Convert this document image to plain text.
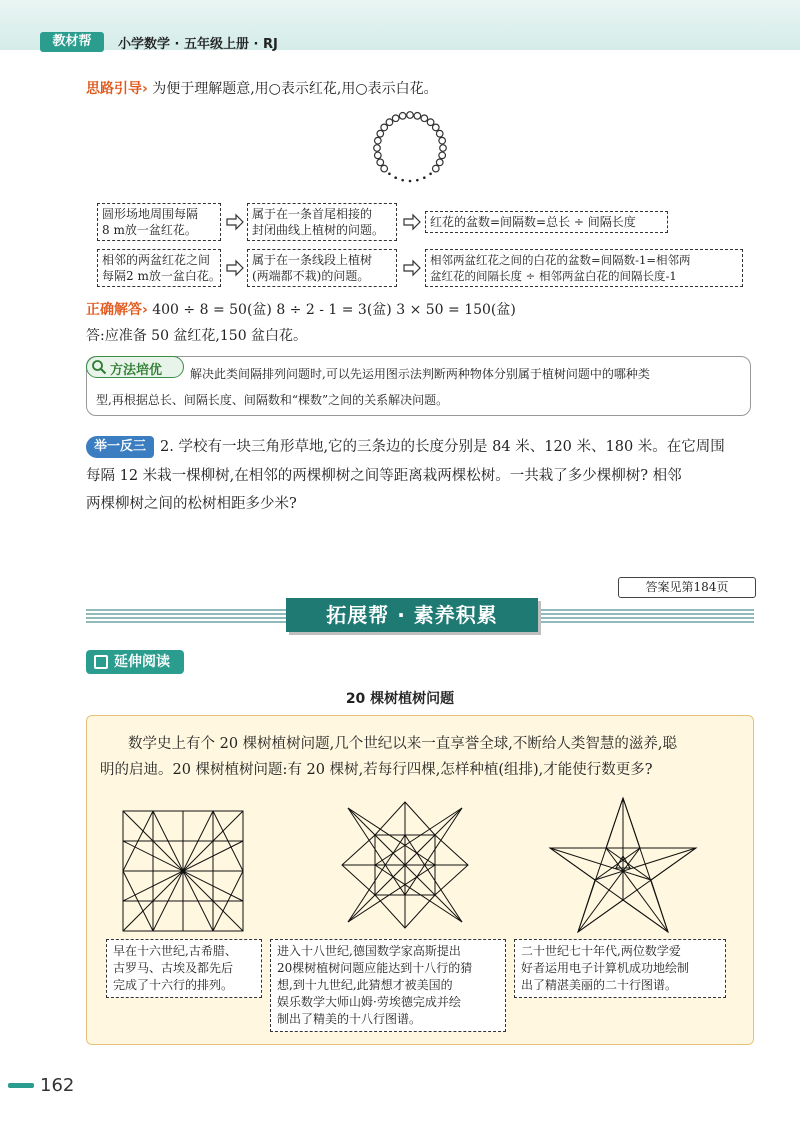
教材帮	小学数学 · 五年级上册 · RJ
思路引导› 为便于理解题意,用○表示红花,用○表示白花。
圆形场地周围每隔
8 m放一盆红花。
属于在一条首尾相接的
封闭曲线上植树的问题。
红花的盆数=间隔数=总长 ÷ 间隔长度
相邻的两盆红花之间
每隔2 m放一盆白花。
属于在一条线段上植树
(两端都不栽)的问题。
相邻两盆红花之间的白花的盆数=间隔数-1=相邻两
盆红花的间隔长度 ÷ 相邻两盆白花的间隔长度-1
正确解答› 400 ÷ 8 = 50(盆) 8 ÷ 2 - 1 = 3(盆) 3 × 50 = 150(盆)
答:应准备 50 盆红花,150 盆白花。
方法培优 解决此类间隔排列问题时,可以先运用图示法判断两种物体分别属于植树问题中的哪种类
型,再根据总长、间隔长度、间隔数和“棵数”之间的关系解决问题。
举一反三 2. 学校有一块三角形草地,它的三条边的长度分别是 84 米、120 米、180 米。在它周围
每隔 12 米栽一棵柳树,在相邻的两棵柳树之间等距离栽两棵松树。一共栽了多少棵柳树? 相邻
两棵柳树之间的松树相距多少米?
答案见第184页
拓展帮 · 素养积累
延伸阅读
20 棵树植树问题
数学史上有个 20 棵树植树问题,几个世纪以来一直享誉全球,不断给人类智慧的滋养,聪
明的启迪。20 棵树植树问题:有 20 棵树,若每行四棵,怎样种植(组排),才能使行数更多?
早在十六世纪,古希腊、
古罗马、古埃及都先后
完成了十六行的排列。
进入十八世纪,德国数学家高斯提出
20棵树植树问题应能达到十八行的猜
想,到十九世纪,此猜想才被美国的
娱乐数学大师山姆·劳埃德完成并绘
制出了精美的十八行图谱。
二十世纪七十年代,两位数学爱
好者运用电子计算机成功地绘制
出了精湛美丽的二十行图谱。
162
